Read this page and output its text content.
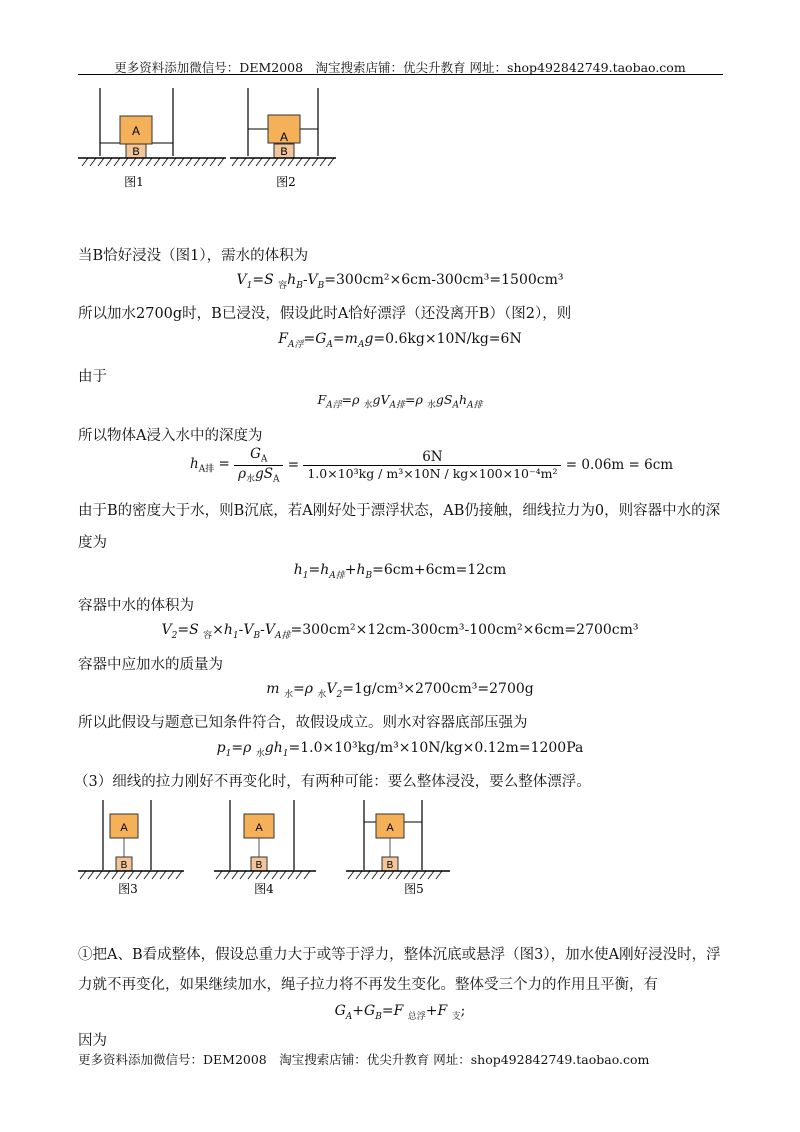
更多资料添加微信号：DEM2008　淘宝搜索店铺：优尖升教育 网址：shop492842749.taobao.com
A
B
图1
A
B
图2
当B恰好浸没（图1），需水的体积为
$V_1=S$ $_容h_B-V_B=300cm^2\times 6cm-300cm^3=1500cm^3$
所以加水2700g时，B已浸没，假设此时A恰好漂浮（还没离开B）（图2），则
$F_{A浮}=G_A=m_Ag=0.6kg\times 10N/kg=6N$
由于
$F_{A浮}=\rho$ $_水gV_{A排}=\rho$ $_水gS_Ah_{A排}$
所以物体A浸入水中的深度为
$h_{A排} = \frac{G_A}{\rho_水gS_A} = \frac{6N}{\text{1.0×10³kg / m³×10N / kg×100×10⁻⁴m²}} = 0.06m = 6cm$
由于B的密度大于水，则B沉底，若A刚好处于漂浮状态，AB仍接触，细线拉力为0，则容器中水的深
度为
$h_1=h_{A排}+h_B=6cm+6cm=12cm$
容器中水的体积为
$V_2=S$ $_容\times h_1-V_B-V_{A排}=300cm^2\times 12cm-300cm^3-100cm^2\times 6cm=2700cm^3$
容器中应加水的质量为
m $_水$=ρ $_水V_2=1g/cm^3\times 2700cm^3=2700g$
所以此假设与题意已知条件符合，故假设成立。则水对容器底部压强为
$p_1=\rho$ $_水gh_1=1.0\times 10^3kg/m^3\times 10N/kg\times 0.12m=1200Pa$
（3）细线的拉力刚好不再变化时，有两种可能：要么整体浸没，要么整体漂浮。
A
B
图3
A
B
图4
A
B
图5
①把A、B看成整体，假设总重力大于或等于浮力，整体沉底或悬浮（图3），加水使A刚好浸没时，浮
力就不再变化，如果继续加水，绳子拉力将不再发生变化。整体受三个力的作用且平衡，有
$G_A+G_B=F$ $_{总浮}$+F $_支$;
因为
更多资料添加微信号：DEM2008　淘宝搜索店铺：优尖升教育 网址：shop492842749.taobao.com
